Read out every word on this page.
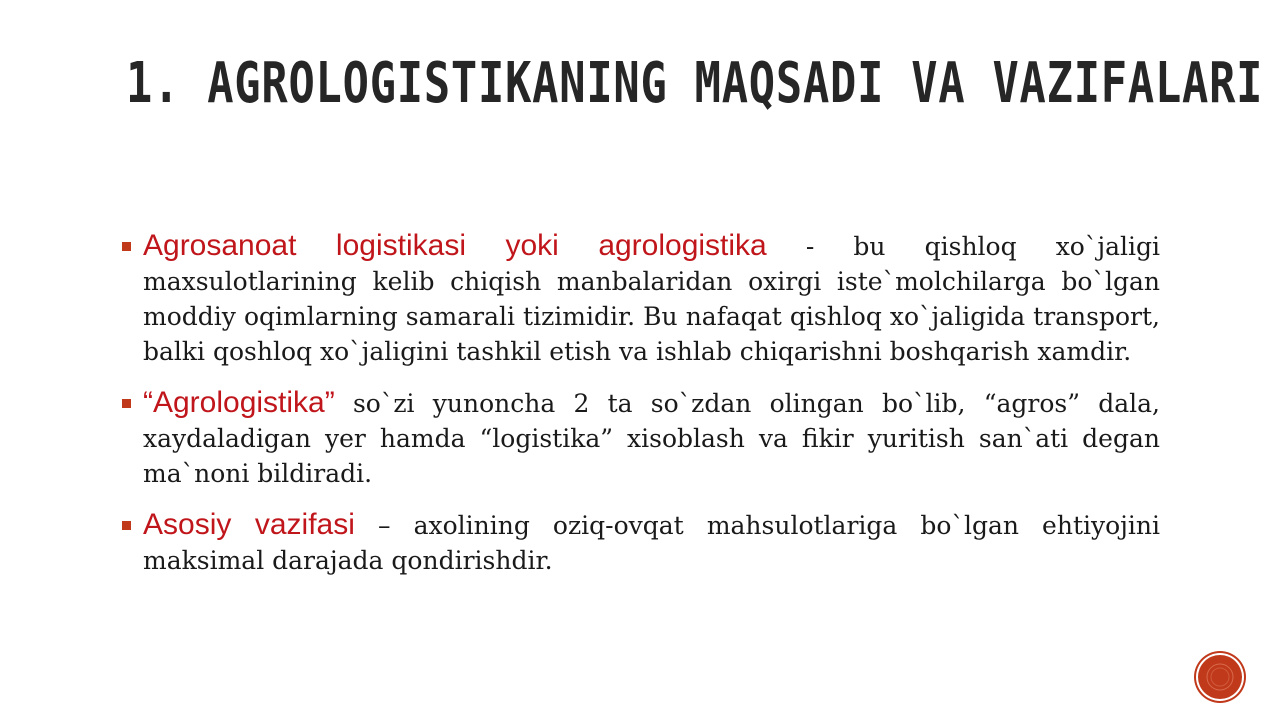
1. AGROLOGISTIKANING MAQSADI VA VAZIFALARI

Agrosanoat logistikasi yoki agrologistika - bu qishloq xo`jaligi maxsulotlarining kelib chiqish manbalaridan oxirgi iste`molchilarga bo`lgan moddiy oqimlarning samarali tizimidir. Bu nafaqat qishloq xo`jaligida transport, balki qoshloq xo`jaligini tashkil etish va ishlab chiqarishni boshqarish xamdir.

“Agrologistika” so`zi yunoncha 2 ta so`zdan olingan bo`lib, “agros” dala, xaydaladigan yer hamda “logistika” xisoblash va fikir yuritish san`ati degan ma`noni bildiradi.

Asosiy vazifasi – axolining oziq-ovqat mahsulotlariga bo`lgan ehtiyojini maksimal darajada qondirishdir.
